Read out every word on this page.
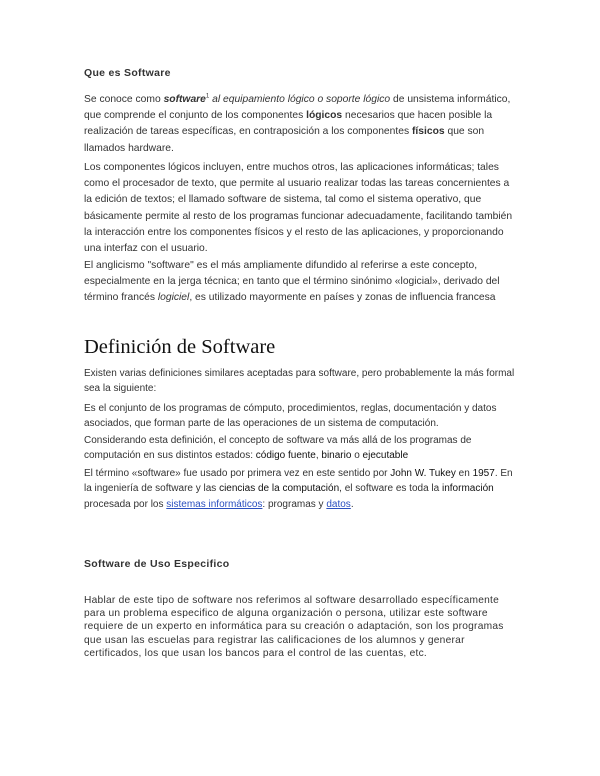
Que es Software

Se conoce como software$^1$ al equipamiento lógico o soporte lógico de unsistema informático, que comprende el conjunto de los componentes lógicos necesarios que hacen posible la realización de tareas específicas, en contraposición a los componentes físicos que son llamados hardware.

Los componentes lógicos incluyen, entre muchos otros, las aplicaciones informáticas; tales como el procesador de texto, que permite al usuario realizar todas las tareas concernientes a la edición de textos; el llamado software de sistema, tal como el sistema operativo, que básicamente permite al resto de los programas funcionar adecuadamente, facilitando también la interacción entre los componentes físicos y el resto de las aplicaciones, y proporcionando una interfaz con el usuario.

El anglicismo "software" es el más ampliamente difundido al referirse a este concepto, especialmente en la jerga técnica; en tanto que el término sinónimo «logicial», derivado del término francés logiciel, es utilizado mayormente en países y zonas de influencia francesa

Definición de Software

Existen varias definiciones similares aceptadas para software, pero probablemente la más formal sea la siguiente:

Es el conjunto de los programas de cómputo, procedimientos, reglas, documentación y datos asociados, que forman parte de las operaciones de un sistema de computación.

Considerando esta definición, el concepto de software va más allá de los programas de computación en sus distintos estados: código fuente, binario o ejecutable

El término «software» fue usado por primera vez en este sentido por John W. Tukey en 1957. En la ingeniería de software y las ciencias de la computación, el software es toda la información procesada por los sistemas informáticos: programas y datos.

Software de Uso Especifico

Hablar de este tipo de software nos referimos al software desarrollado específicamente para un problema especifico de alguna organización o persona, utilizar este software requiere de un experto en informática para su creación o adaptación, son los programas que usan las escuelas para registrar las calificaciones de los alumnos y generar certificados, los que usan los bancos para el control de las cuentas, etc.
